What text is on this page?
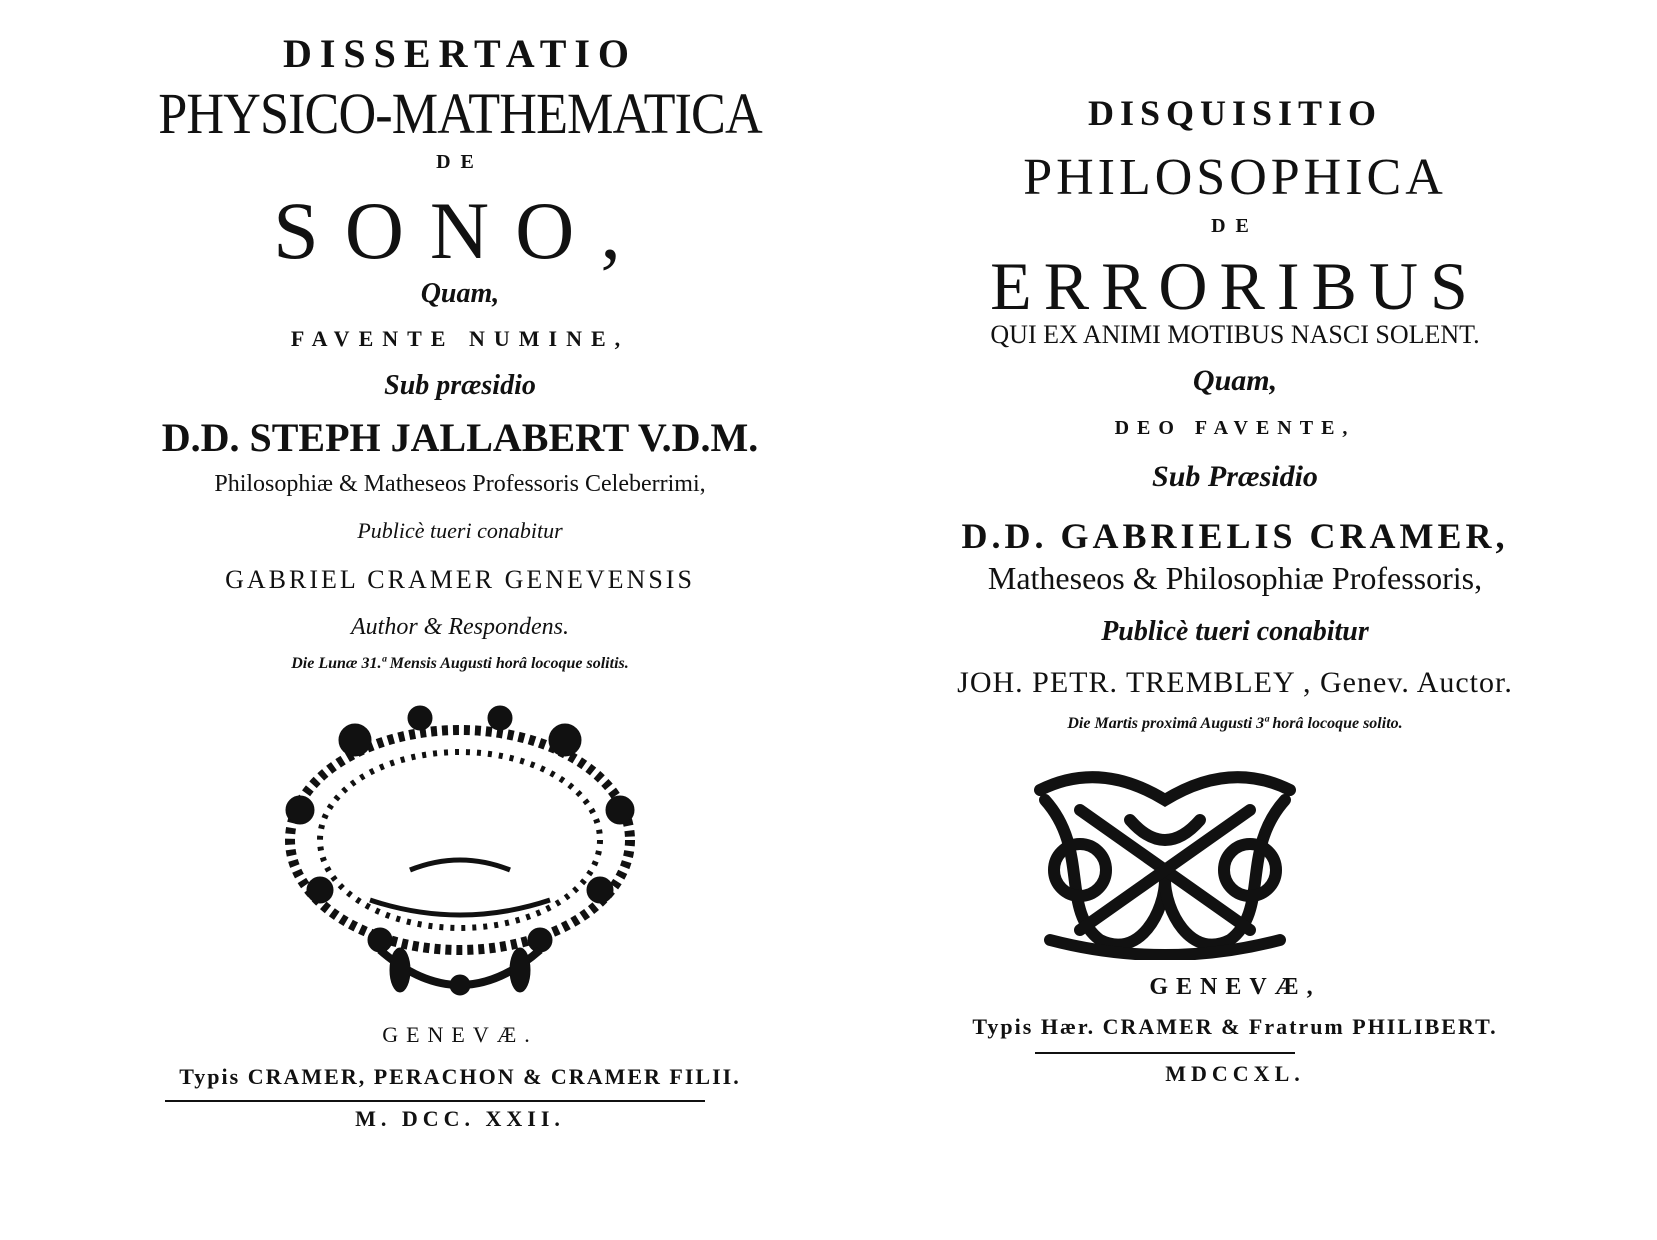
DISSERTATIO
PHYSICO-MATHEMATICA
DE
SONO,
Quam,
FAVENTE NUMINE,
Sub præsidio
D.D. STEPH JALLABERT V.D.M.
Philosophiæ & Matheseos Professoris Celeberrimi,
Publicè tueri conabitur
GABRIEL CRAMER GENEVENSIS
Author & Respondens.
Die Lunæ 31.ª Mensis Augusti horâ locoque solitis.
GENEVÆ.
Typis CRAMER, PERACHON & CRAMER FILII.
M. DCC. XXII.
DISQUISITIO
PHILOSOPHICA
DE
ERRORIBUS
QUI EX ANIMI MOTIBUS NASCI SOLENT.
Quam,
DEO FAVENTE,
Sub Præsidio
D.D. GABRIELIS CRAMER,
Matheseos & Philosophiæ Professoris,
Publicè tueri conabitur
JOH. PETR. TREMBLEY , Genev. Auctor.
Die Martis proximâ Augusti 3ª horâ locoque solito.
GENEVÆ,
Typis Hær. CRAMER & Fratrum PHILIBERT.
MDCCXL.
